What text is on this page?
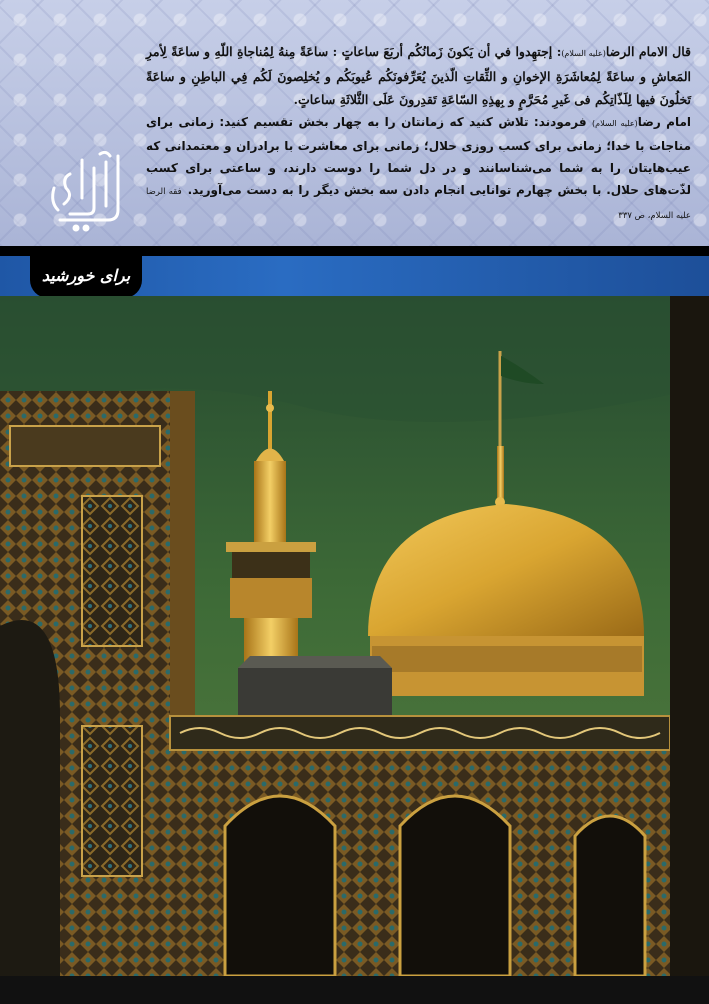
قال الامام الرضا(علیه السلام): إجتهِدوا في أن يَكونَ زَمانُكُم أربَعَ ساعاتٍ : ساعَةً مِنهُ لِمُناجاةِ اللّهِ و ساعَةً لِأمرِ المَعاشِ و ساعَةً لِمُعاشَرَةِ الإخوانِ و الثِّقاتِ الّذينَ يُعَرِّفونَكُم عُيوبَكُم و يُخلِصونَ لَكُم فِي الباطِنِ و ساعَةً تَخلُونَ فيها لِلَذّاتِكُم فی غَیرِ مُحَرَّمٍ و بِهذِهِ السّاعَةِ تَقدِرونَ عَلَی الثَّلاثَةِ ساعاتٍ.

امام رضا(علیه السلام) فرمودند: تلاش کنید که زمانتان را به چهار بخش تقسیم کنید: زمانی برای مناجات با خدا؛ زمانی برای کسب روزی حلال؛ زمانی برای معاشرت با برادران و معتمدانی که عیب‌هایتان را به شما می‌شناسانند و در دل شما را دوست دارند، و ساعتی برای کسب لذّت‌های حلال. با بخش چهارم توانایی انجام دادن سه بخش دیگر را به دست می‌آورید.فقه الرضا علیه السلام، ص ۳۳۷

برای خورشید
